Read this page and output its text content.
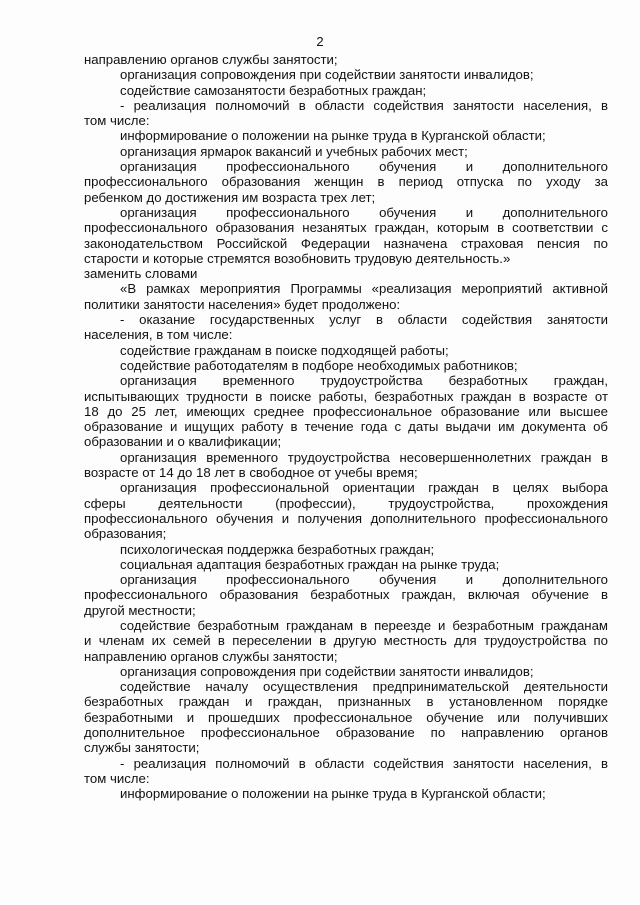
2
направлению органов службы занятости;
организация сопровождения при содействии занятости инвалидов;
содействие самозанятости безработных граждан;
- реализация полномочий в области содействия занятости населения, в
том числе:
информирование о положении на рынке труда в Курганской области;
организация ярмарок вакансий и учебных рабочих мест;
организация профессионального обучения и дополнительного
профессионального образования женщин в период отпуска по уходу за
ребенком до достижения им возраста трех лет;
организация профессионального обучения и дополнительного
профессионального образования незанятых граждан, которым в соответствии с
законодательством Российской Федерации назначена страховая пенсия по
старости и которые стремятся возобновить трудовую деятельность.»
заменить словами
«В рамках мероприятия Программы «реализация мероприятий активной
политики занятости населения» будет продолжено:
- оказание государственных услуг в области содействия занятости
населения, в том числе:
содействие гражданам в поиске подходящей работы;
содействие работодателям в подборе необходимых работников;
организация временного трудоустройства безработных граждан,
испытывающих трудности в поиске работы, безработных граждан в возрасте от
18 до 25 лет, имеющих среднее профессиональное образование или высшее
образование и ищущих работу в течение года с даты выдачи им документа об
образовании и о квалификации;
организация временного трудоустройства несовершеннолетних граждан в
возрасте от 14 до 18 лет в свободное от учебы время;
организация профессиональной ориентации граждан в целях выбора
сферы деятельности (профессии), трудоустройства, прохождения
профессионального обучения и получения дополнительного профессионального
образования;
психологическая поддержка безработных граждан;
социальная адаптация безработных граждан на рынке труда;
организация профессионального обучения и дополнительного
профессионального образования безработных граждан, включая обучение в
другой местности;
содействие безработным гражданам в переезде и безработным гражданам
и членам их семей в переселении в другую местность для трудоустройства по
направлению органов службы занятости;
организация сопровождения при содействии занятости инвалидов;
содействие началу осуществления предпринимательской деятельности
безработных граждан и граждан, признанных в установленном порядке
безработными и прошедших профессиональное обучение или получивших
дополнительное профессиональное образование по направлению органов
службы занятости;
- реализация полномочий в области содействия занятости населения, в
том числе:
информирование о положении на рынке труда в Курганской области;
